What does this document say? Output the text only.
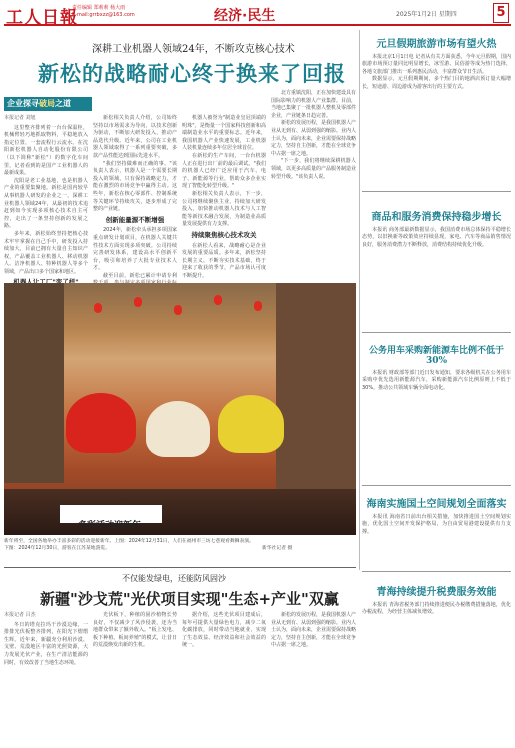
工人日報
责任编辑 郑莉莉 杨大雨
E-mail:grrbxzz@163.com	经济·民生	2025年1月2日 星期四	5
深耕工业机器人领域24年，不断攻克核心技术
新松的战略耐心终于换来了回报
企业探寻破局之道
本报记者 刘旭

这里整齐排列着一台台保温柜，机械臂轻巧地抓取物料，平稳地放入指定位置，一套流程行云流水。在沈阳新松机器人自动化股份有限公司（以下简称"新松"）的数字化车间里，记者看到的是国产工业机器人的最新成果。

沈阳是老工业基地，也是机器人产业的重要集聚地。新松是国内较早从事机器人研发的企业之一，深耕工业机器人领域24年，从最初的技术追赶到如今实现多项核心技术自主可控，走出了一条坚持创新的发展之路。

多年来，新松始终坚持把核心技术牢牢掌握在自己手中，研发投入持续加大，目前已拥有大量自主知识产权，产品覆盖工业机器人、移动机器人、洁净机器人、特种机器人等多个领域，产品出口多个国家和地区。

新松相关负责人介绍，公司始终坚持以市场需求为导向，以技术创新为驱动，不断加大研发投入，推动产品迭代升级。近年来，公司在工业机器人领域取得了一系列重要突破，多款产品性能达到国际先进水平。

"我们坚持做难而正确的事。"该负责人表示，机器人是一个需要长期投入的领域，只有保持战略定力，才能在激烈的市场竞争中赢得主动。这些年，新松在核心零部件、控制系统等关键环节持续攻关，逐步形成了完整的产业链。

创新能量源不断增强

2024年，新松牵头承担多项国家重点研发计划项目，在机器人关键共性技术方面实现多项突破。公司持续完善研发体系，建设高水平创新平台，吸引和培养了大批专业技术人才。

截至目前，新松已累计申请专利

机器人被誉为"制造业皇冠顶端的明珠"，是衡量一个国家科技创新和高端制造业水平的重要标志。近年来，我国机器人产业快速发展，工业机器人装机量连续多年位居全球首位。

在新松的生产车间，一台台机器人正在进行出厂前的最后调试。"我们的机器人已经广泛应用于汽车、电子、新能源等行业，帮助众多企业实现了智能化转型升级。"

新松相关负责人表示，下一步，公司将继续聚焦主业，持续加大研发投入，加快推动机器人技术与人工智能等新技术融合发展，为制造业高质量发展提供有力支撑。

持续聚焦核心技术攻关

在新松人看来，战略耐心是企业发展的重要品质。多年来，新松坚持长期主义，不断夯实技术基础，终于迎来了收获的季节，产品市场认可度不断提升。

北方重镇沈阳，正在加快建设具有国际影响力的机器人产业集群。目前，当地已集聚了一批机器人整机及零部件企业，产业链条日趋完善。

新松的发展历程，是我国机器人产业从无到有、从弱到强的缩影。业内人士认为，面向未来，企业需要保持战略定力，坚持自主创新，才能在全球竞争中占据一席之地。

"下一步，我们将继续深耕机器人领域，以更多高质量的产品服务制造业转型升级。"该负责人说。

多彩活动迎新年
新年将至，全国各地举办丰富多彩的活动迎接新年。上图：2024年12月31日，人们在福州市三坊七巷观看舞狮表演。下图：2024年12月30日，游客在江苏某地游览。	新华社记者 摄
元旦假期旅游市场有望火热

本报北京1月1日电 记者从有关方面获悉，今年元旦假期，国内旅游市场预订量同比明显增长，冰雪游、民俗游等成为热门选择，各地文旅部门推出一系列惠民活动，丰富群众节日生活。

数据显示，元旦假期期间，多个热门目的地酒店预订量大幅增长，短途游、周边游成为游客出行的主要方式。

商品和服务消费保持稳步增长

本报讯 商务部最新数据显示，我国消费市场总体保持平稳增长态势，以旧换新等政策效应持续显现，家电、汽车等商品销售情况良好，服务消费潜力不断释放，消费结构持续优化升级。

公务用车采购新能源车比例不低于30%

本报讯 财政部等部门近日发布通知，要求各级机关在公务用车采购中优先选用新能源汽车，采购新能源汽车比例原则上不低于30%，推动公共领域车辆全面电动化。

海南实施国土空间规划全面落实

本报讯 海南省日前出台相关措施，加快推进国土空间规划实施，优化国土空间开发保护格局，为自由贸易港建设提供有力支撑。

青海持续提升税费服务效能

本报讯 青海省税务部门持续推进便民办税缴费措施落地，优化办税流程，为经营主体减负增效。

不仅能发绿电，还能防风固沙
新疆"沙戈荒"光伏项目实现"生态+产业"双赢
本报记者 吕杰

冬日的塔克拉玛干沙漠边缘，一排排光伏板整齐排列，在阳光下熠熠生辉。近年来，新疆充分利用沙漠、戈壁、荒漠地区丰富的光照资源，大力发展光伏产业，在生产清洁能源的同时，有效改善了当地生态环境。

光伏板下，种植的固沙植物长势良好，不仅减少了风沙侵袭，还为当地群众带来了额外收入。"板上发电、板下种植、板间养殖"的模式，让昔日的荒漠焕发出新的生机。

据介绍，这些光伏项目建成后，每年可提供大量绿色电力，减少二氧化碳排放，同时带动当地就业，实现了生态效益、经济效益和社会效益的统一。

新松的发展历程，是我国机器人产业从无到有、从弱到强的缩影。业内人士认为，面向未来，企业需要保持战略定力，坚持自主创新，才能在全球竞争中占据一席之地。
